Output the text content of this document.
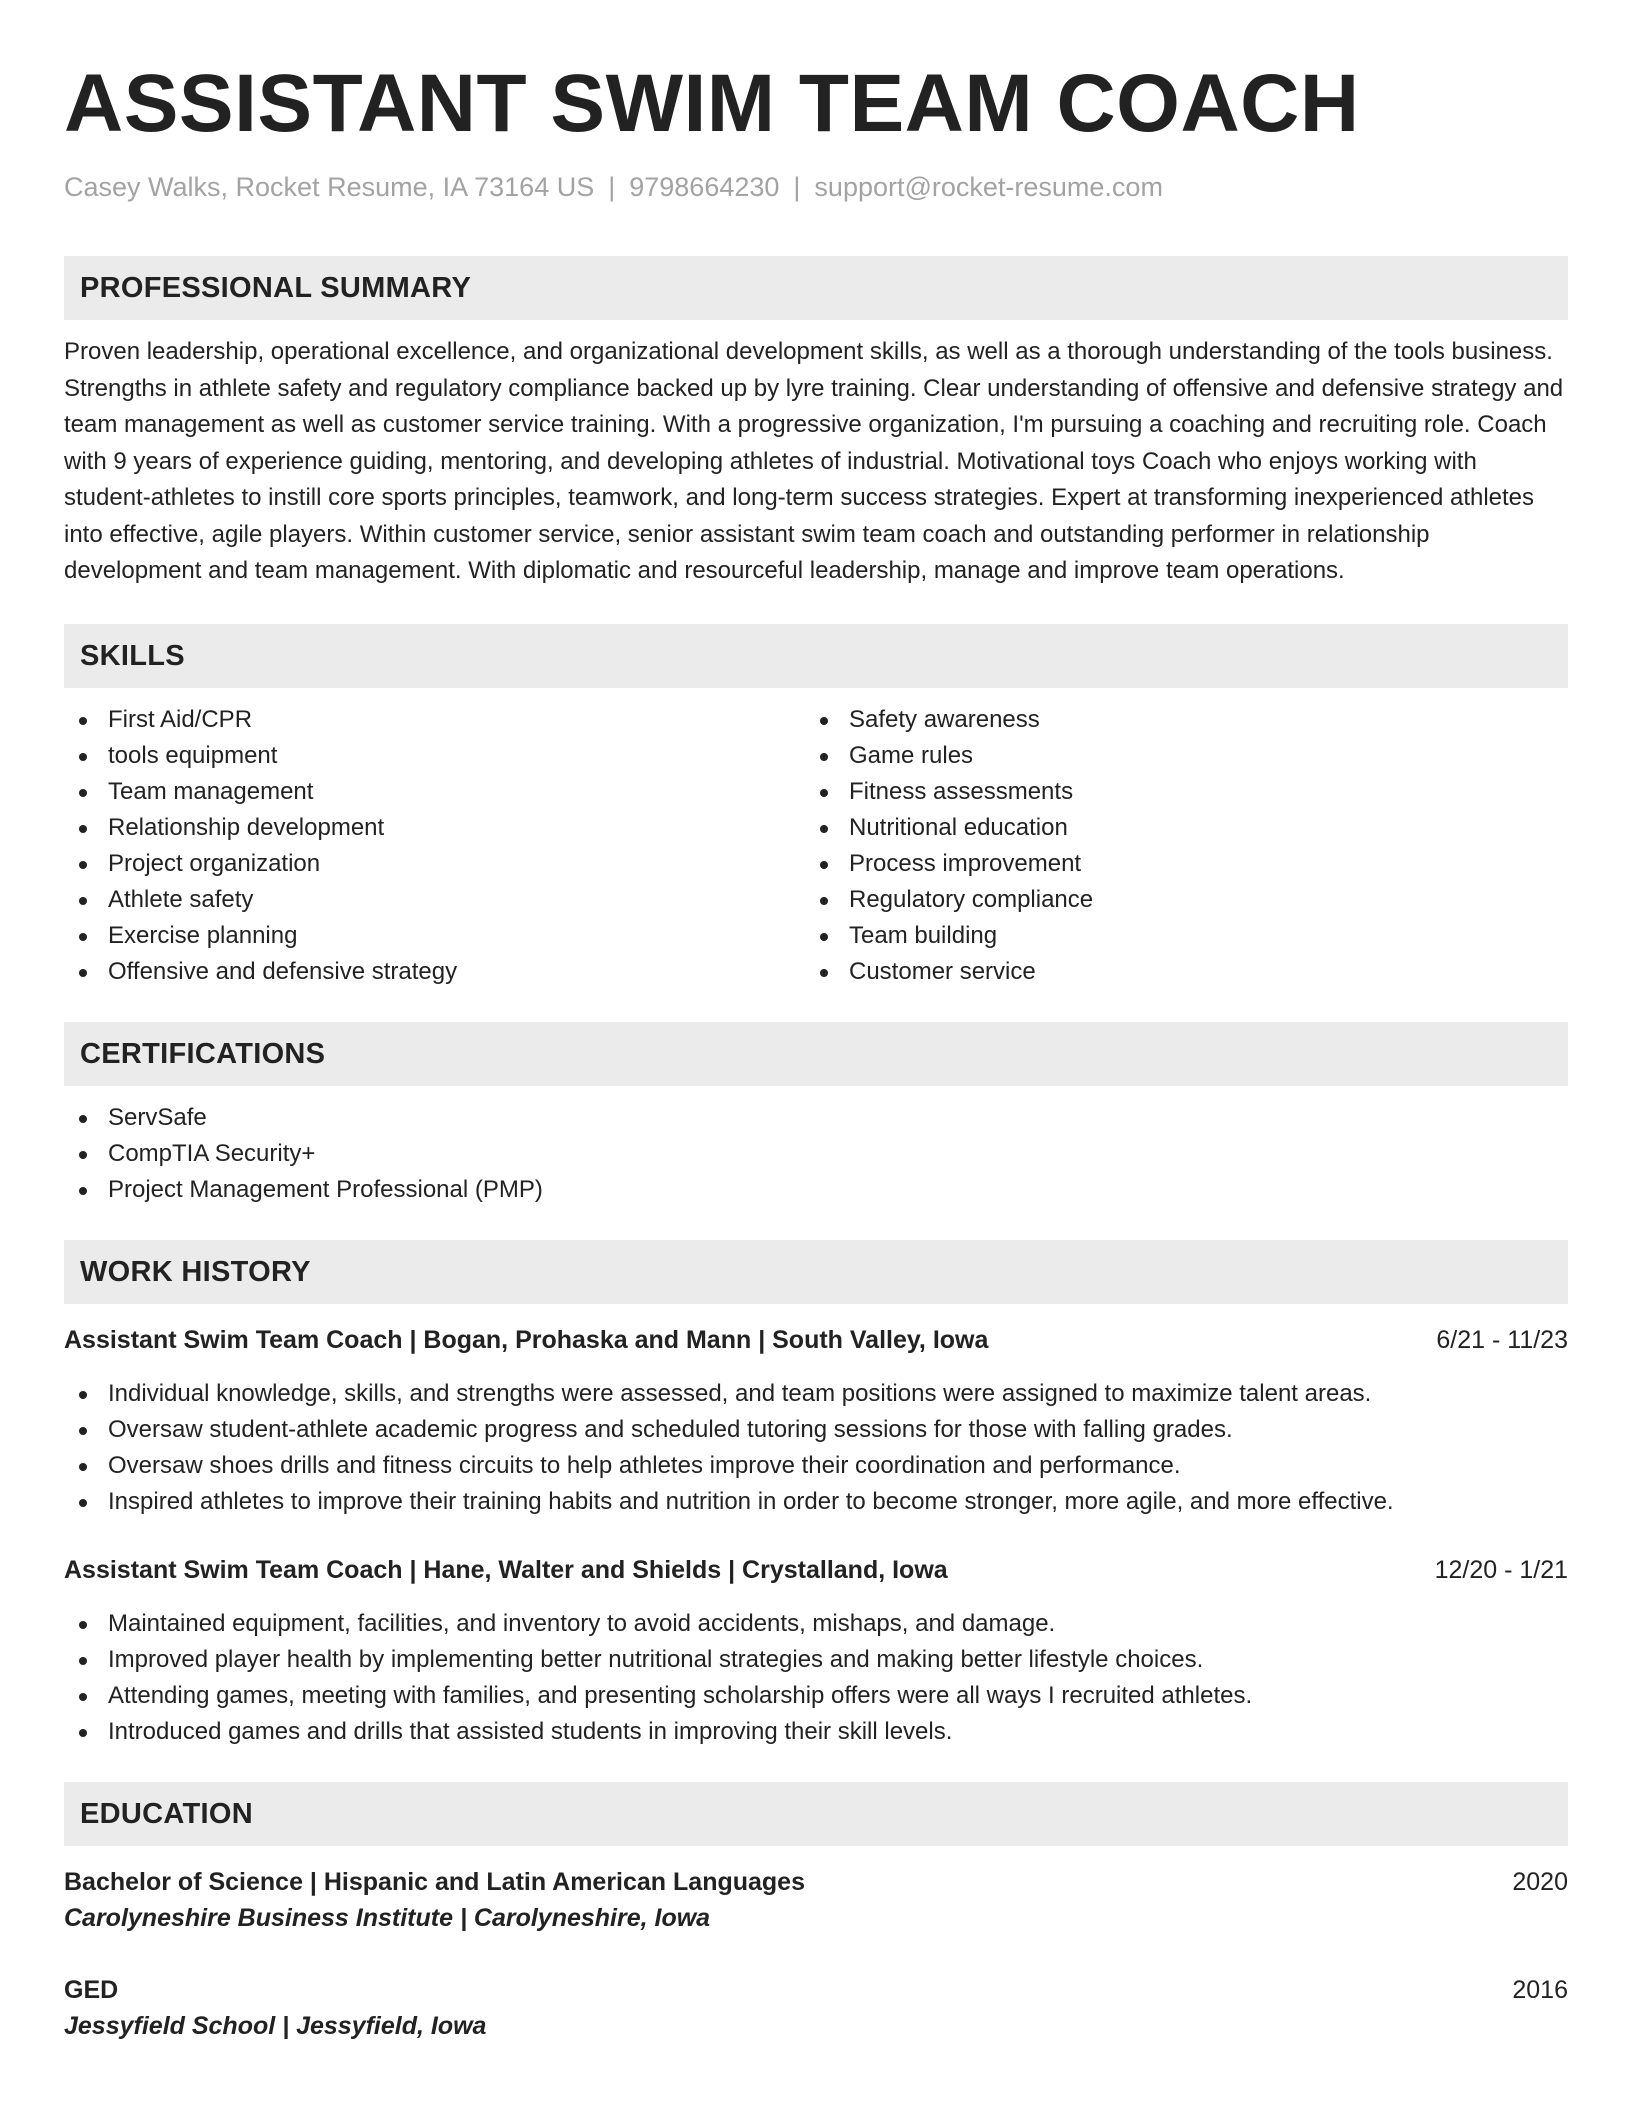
ASSISTANT SWIM TEAM COACH
Casey Walks, Rocket Resume, IA 73164 US | 9798664230 | support@rocket-resume.com
PROFESSIONAL SUMMARY
Proven leadership, operational excellence, and organizational development skills, as well as a thorough understanding of the tools business. Strengths in athlete safety and regulatory compliance backed up by lyre training. Clear understanding of offensive and defensive strategy and team management as well as customer service training. With a progressive organization, I'm pursuing a coaching and recruiting role. Coach with 9 years of experience guiding, mentoring, and developing athletes of industrial. Motivational toys Coach who enjoys working with student-athletes to instill core sports principles, teamwork, and long-term success strategies. Expert at transforming inexperienced athletes into effective, agile players. Within customer service, senior assistant swim team coach and outstanding performer in relationship development and team management. With diplomatic and resourceful leadership, manage and improve team operations.
SKILLS
First Aid/CPR
tools equipment
Team management
Relationship development
Project organization
Athlete safety
Exercise planning
Offensive and defensive strategy
Safety awareness
Game rules
Fitness assessments
Nutritional education
Process improvement
Regulatory compliance
Team building
Customer service
CERTIFICATIONS
ServSafe
CompTIA Security+
Project Management Professional (PMP)
WORK HISTORY
Assistant Swim Team Coach | Bogan, Prohaska and Mann | South Valley, Iowa	6/21 - 11/23
Individual knowledge, skills, and strengths were assessed, and team positions were assigned to maximize talent areas.
Oversaw student-athlete academic progress and scheduled tutoring sessions for those with falling grades.
Oversaw shoes drills and fitness circuits to help athletes improve their coordination and performance.
Inspired athletes to improve their training habits and nutrition in order to become stronger, more agile, and more effective.
Assistant Swim Team Coach | Hane, Walter and Shields | Crystalland, Iowa	12/20 - 1/21
Maintained equipment, facilities, and inventory to avoid accidents, mishaps, and damage.
Improved player health by implementing better nutritional strategies and making better lifestyle choices.
Attending games, meeting with families, and presenting scholarship offers were all ways I recruited athletes.
Introduced games and drills that assisted students in improving their skill levels.
EDUCATION
Bachelor of Science | Hispanic and Latin American Languages	2020
Carolyneshire Business Institute | Carolyneshire, Iowa
GED	2016
Jessyfield School | Jessyfield, Iowa
